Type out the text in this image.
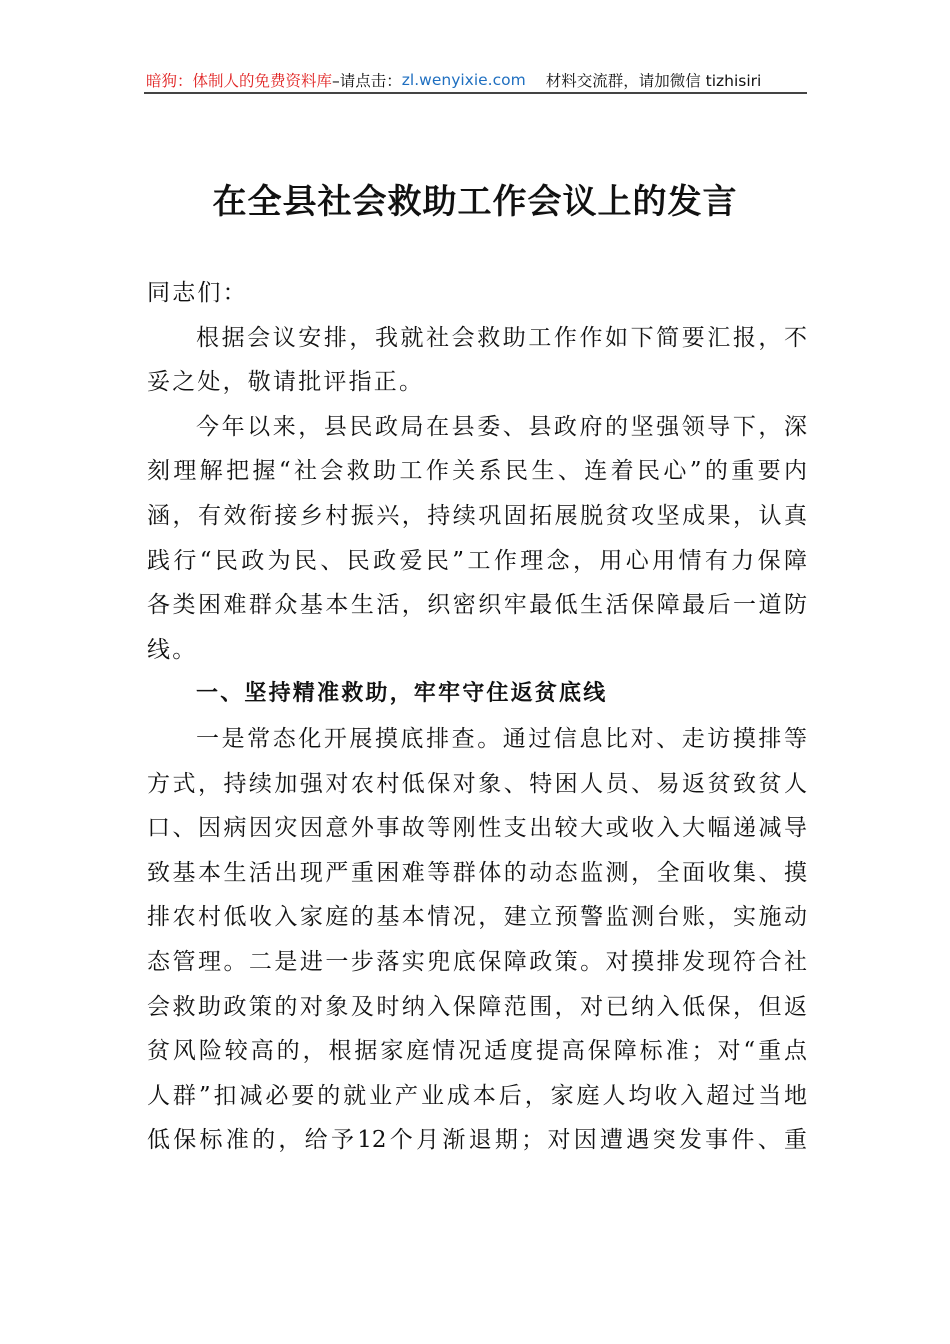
暗狗：体制人的免费资料库 –请点击： zl.wenyixie.com 材料交流群，请加微信 tizhisiri
在全县社会救助工作会议上的发言
同志们：
根据会议安排，我就社会救助工作作如下简要汇报，不
妥之处，敬请批评指正。
今年以来，县民政局在县委、县政府的坚强领导下，深
刻理解把握“社会救助工作关系民生、连着民心”的重要内
涵，有效衔接乡村振兴，持续巩固拓展脱贫攻坚成果，认真
践行“民政为民、民政爱民”工作理念，用心用情有力保障
各类困难群众基本生活，织密织牢最低生活保障最后一道防
线。
一、坚持精准救助，牢牢守住返贫底线
一是常态化开展摸底排查。通过信息比对、走访摸排等
方式，持续加强对农村低保对象、特困人员、易返贫致贫人
口、因病因灾因意外事故等刚性支出较大或收入大幅递减导
致基本生活出现严重困难等群体的动态监测，全面收集、摸
排农村低收入家庭的基本情况，建立预警监测台账，实施动
态管理。二是进一步落实兜底保障政策。对摸排发现符合社
会救助政策的对象及时纳入保障范围，对已纳入低保，但返
贫风险较高的，根据家庭情况适度提高保障标准；对“重点
人群”扣减必要的就业产业成本后，家庭人均收入超过当地
低保标准的，给予12个月渐退期；对因遭遇突发事件、重
